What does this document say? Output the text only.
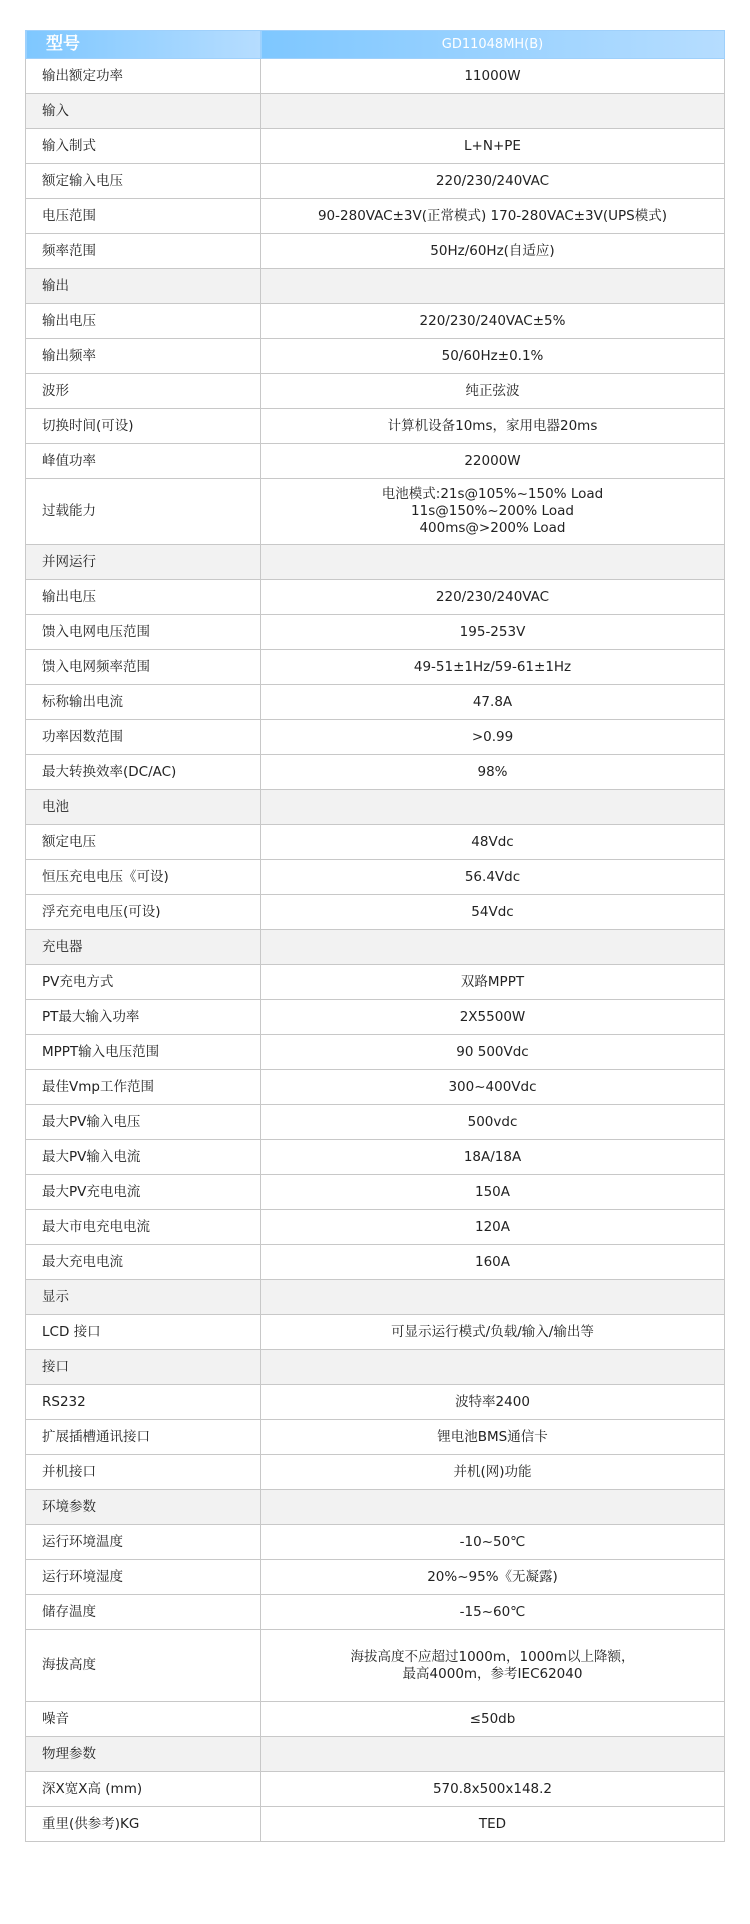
型号	GD11048MH(B)
输出额定功率	11000W

输入	
输入制式	L+N+PE

额定输入电压	220/230/240VAC

电压范围	90-280VAC±3V(正常模式) 170-280VAC±3V(UPS模式)

频率范围	50Hz/60Hz(自适应)

输出	
输出电压	220/230/240VAC±5%

输出频率	50/60Hz±0.1%

波形	纯正弦波

切换时间(可设)	计算机设备10ms，家用电器20ms

峰值功率	22000W

过载能力	电池模式:21s@105%~150% Load
11s@150%~200% Load
400ms@>200% Load

并网运行	
输出电压	220/230/240VAC

馈入电网电压范围	195-253V

馈入电网频率范围	49-51±1Hz/59-61±1Hz

标称输出电流	47.8A

功率因数范围	>0.99

最大转换效率(DC/AC)	98%

电池	
额定电压	48Vdc

恒压充电电压《可设)	56.4Vdc

浮充充电电压(可设)	54Vdc

充电器	
PV充电方式	双路MPPT

PT最大输入功率	2X5500W

MPPT输入电压范围	90 500Vdc

最佳Vmp工作范围	300~400Vdc

最大PV输入电压	500vdc

最大PV输入电流	18A/18A

最大PV充电电流	150A

最大市电充电电流	120A

最大充电电流	160A

显示	
LCD 接口	可显示运行模式/负载/输入/输出等

接口	
RS232	波特率2400

扩展插槽通讯接口	锂电池BMS通信卡

并机接口	并机(网)功能

环境参数	
运行环境温度	-10~50℃

运行环境湿度	20%~95%《无凝露)

储存温度	-15~60℃

海拔高度	海拔高度不应超过1000m，1000m以上降额，
最高4000m，参考IEC62040

噪音	≤50db

物理参数	
深X宽X高 (mm)	570.8x500x148.2

重里(供参考)KG	TED
